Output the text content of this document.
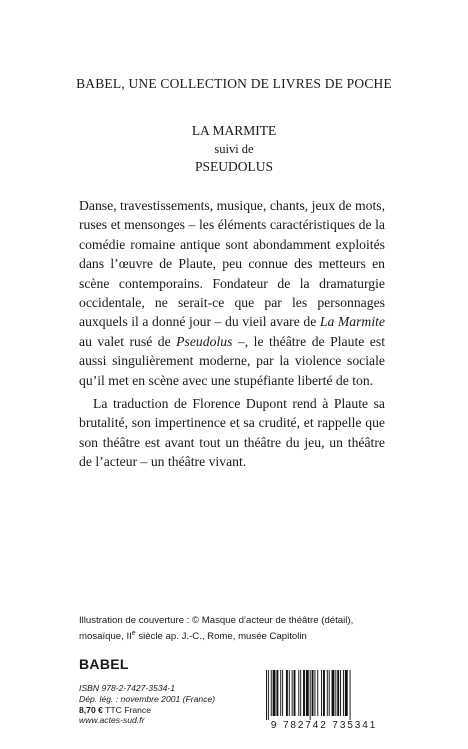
BABEL, UNE COLLECTION DE LIVRES DE POCHE
LA MARMITE
suivi de
PSEUDOLUS

Danse, travestissements, musique, chants, jeux de mots, ruses et mensonges – les éléments caractéristiques de la comédie romaine antique sont abondamment exploités dans l’œuvre de Plaute, peu connue des metteurs en scène contemporains. Fondateur de la dramaturgie occidentale, ne serait-ce que par les personnages auxquels il a donné jour – du vieil avare de La Marmite au valet rusé de Pseudolus –, le théâtre de Plaute est aussi singulièrement moderne, par la violence sociale qu’il met en scène avec une stupéfiante liberté de ton.

La traduction de Florence Dupont rend à Plaute sa brutalité, son impertinence et sa crudité, et rappelle que son théâtre est avant tout un théâtre du jeu, un théâtre de l’acteur – un théâtre vivant.

Illustration de couverture : © Masque d’acteur de théâtre (détail), mosaïque, IIe siècle ap. J.-C., Rome, musée Capitolin
BABEL
ISBN 978-2-7427-3534-1
Dép. lég. : novembre 2001 (France)
8,70 € TTC France
www.actes-sud.fr	9 782742 735341
